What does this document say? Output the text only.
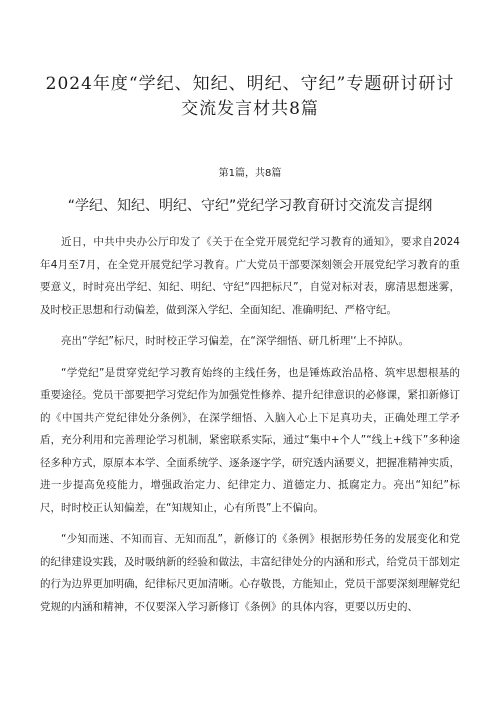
2024年度“学纪、知纪、明纪、守纪”专题研讨研讨交流发言材共8篇
第1篇，共8篇
“学纪、知纪、明纪、守纪”党纪学习教育研讨交流发言提纲

近日，中共中央办公厅印发了《关于在全党开展党纪学习教育的通知》，要求自2024年4月至7月，在全党开展党纪学习教育。广大党员干部要深刻领会开展党纪学习教育的重要意义，时时亮出学纪、知纪、明纪、守纪“四把标尺”，自觉对标对表，廓清思想迷雾，及时校正思想和行动偏差，做到深入学纪、全面知纪、准确明纪、严格守纪。

亮出“学纪”标尺，时时校正学习偏差，在“深学细悟、研几析理'‘上不掉队。

“学党纪”是贯穿党纪学习教育始终的主线任务，也是锤炼政治品格、筑牢思想根基的重要途径。党员干部要把学习党纪作为加强党性修养、提升纪律意识的必修课，紧扣新修订的《中国共产党纪律处分条例》，在深学细悟、入脑入心上下足真功夫，正确处理工学矛盾，充分利用和完善理论学习机制，紧密联系实际，通过“集中+个人”“线上+线下”多种途径多种方式，原原本本学、全面系统学、逐条逐字学，研究透内涵要义，把握准精神实质，进一步提高免疫能力，增强政治定力、纪律定力、道德定力、抵腐定力。亮出“知纪”标尺，时时校正认知偏差，在“知规知止，心有所畏”上不偏向。

“少知而迷、不知而盲、无知而乱”，新修订的《条例》根据形势任务的发展变化和党的纪律建设实践，及时吸纳新的经验和做法，丰富纪律处分的内涵和形式，给党员干部划定的行为边界更加明确，纪律标尺更加清晰。心存敬畏，方能知止，党员干部要深刻理解党纪党规的内涵和精神，不仅要深入学习新修订《条例》的具体内容，更要以历史的、
